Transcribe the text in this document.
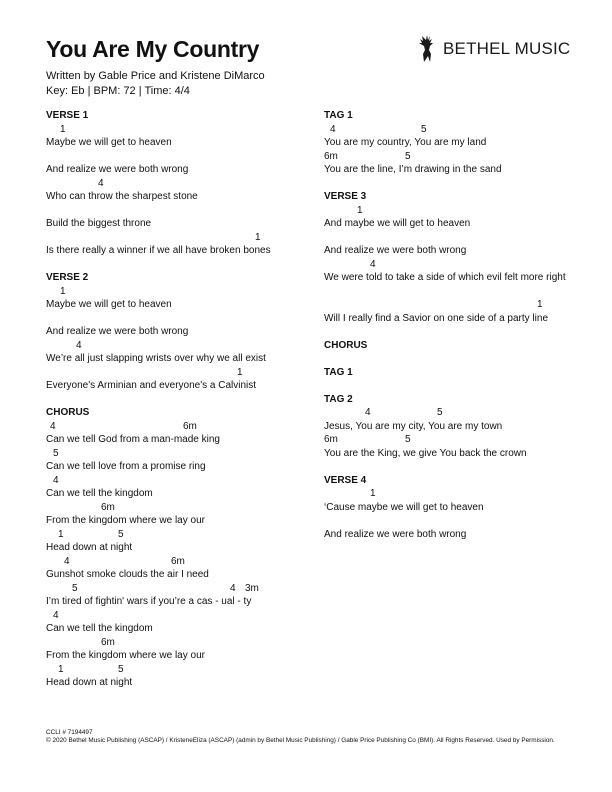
You Are My Country	BETHEL MUSIC
Written by Gable Price and Kristene DiMarco
Key: Eb | BPM: 72 | Time: 4/4
VERSE 1
1
Maybe we will get to heaven
And realize we were both wrong
4
Who can throw the sharpest stone
Build the biggest throne
1
Is there really a winner if we all have broken bones
VERSE 2
1
Maybe we will get to heaven
And realize we were both wrong
4
We’re all just slapping wrists over why we all exist
1
Everyone's Arminian and everyone's a Calvinist
CHORUS
4	6m
Can we tell God from a man-made king
5
Can we tell love from a promise ring
4
Can we tell the kingdom
6m
From the kingdom where we lay our
1	5
Head down at night
4	6m
Gunshot smoke clouds the air I need
5	4 3m
I’m tired of fightin' wars if you’re a cas - ual - ty
4
Can we tell the kingdom
6m
From the kingdom where we lay our
1	5
Head down at night
TAG 1
4	5
You are my country, You are my land
6m	5
You are the line, I’m drawing in the sand
VERSE 3
1
And maybe we will get to heaven
And realize we were both wrong
4
We were told to take a side of which evil felt more right
1
Will I really find a Savior on one side of a party line
CHORUS
TAG 1
TAG 2
4	5
Jesus, You are my city, You are my town
6m	5
You are the King, we give You back the crown
VERSE 4
1
‘Cause maybe we will get to heaven
And realize we were both wrong
CCLI # 7194497
© 2020 Bethel Music Publishing (ASCAP) / KristeneEliza (ASCAP) (admin by Bethel Music Publishing) / Gable Price Publishing Co (BMI). All Rights Reserved. Used by Permission.
